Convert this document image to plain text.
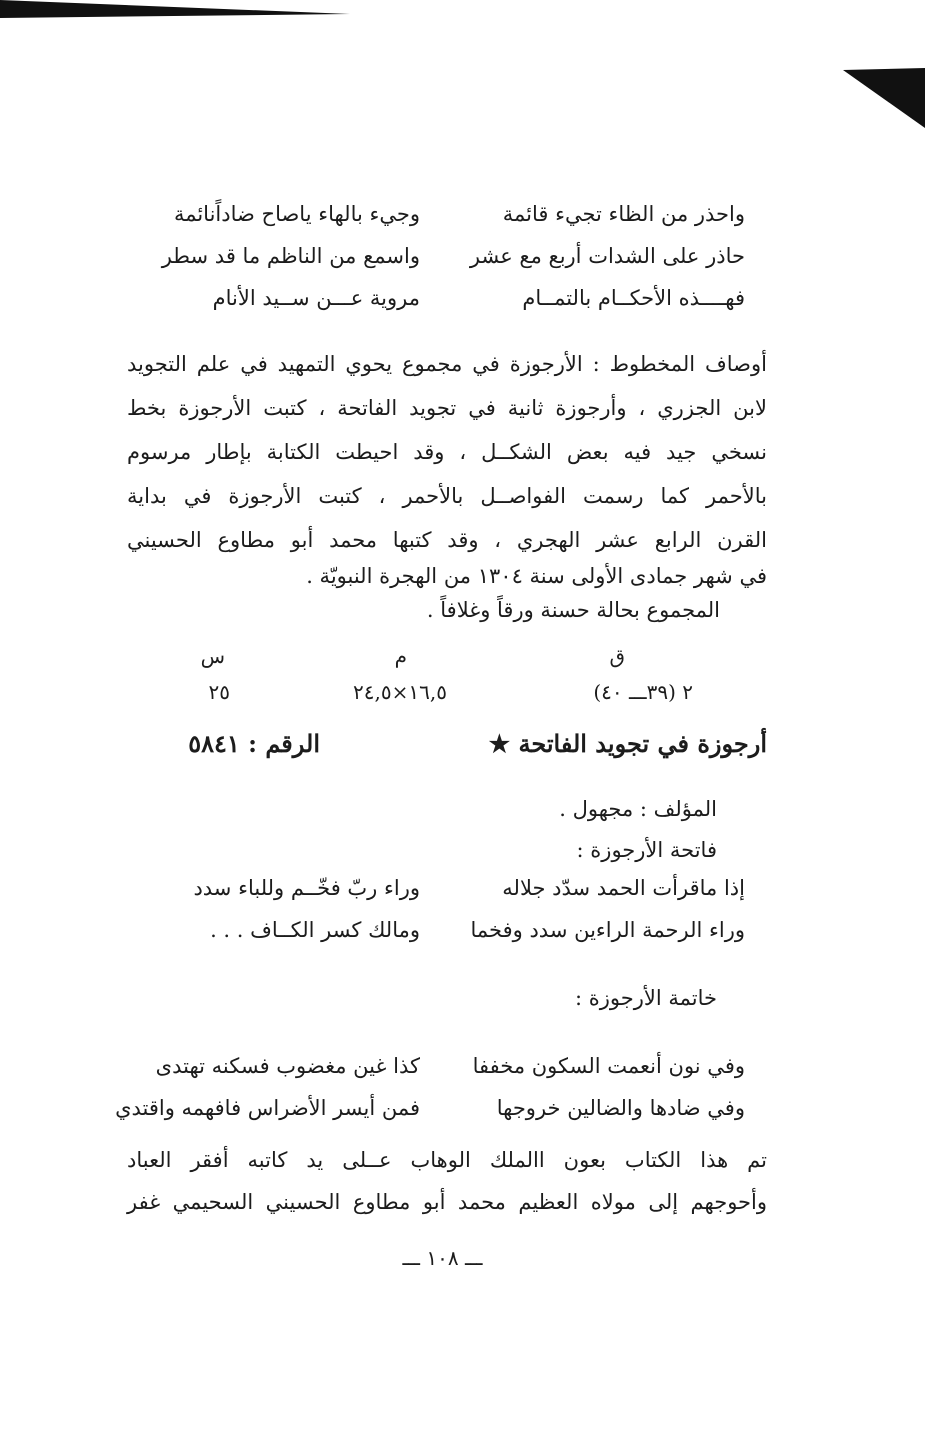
واحذر من الظاء تجيء قائمة
وجيء بالهاء ياصاح ضاداًنائمة
حاذر على الشدات أربع مع عشر
واسمع من الناظم ما قد سطر
فهــــذه الأحكــام بالتمــام
مروية عـــن ســيد الأنام
أوصاف المخطوط : الأرجوزة في مجموع يحوي التمهيد في علم التجويد
لابن الجزري ، وأرجوزة ثانية في تجويد الفاتحة ، كتبت الأرجوزة بخط
نسخي جيد فيه بعض الشكــل ، وقد احيطت الكتابة بإطار مرسوم
بالأحمر كما رسمت الفواصــل بالأحمر ، كتبت الأرجوزة في بداية
القرن الرابع عشر الهجري ، وقد كتبها محمد أبو مطاوع الحسيني
في شهر جمادى الأولى سنة ١٣٠٤ من الهجرة النبويّة .
المجموع بحالة حسنة ورقاً وغلافاً .
ق
م
س
٢ (٣٩ـــ ٤٠)
١٦,٥×٢٤,٥
٢٥
أرجوزة في تجويد الفاتحة ★
الرقم : ٥٨٤١
المؤلف : مجهول .
فاتحة الأرجوزة :
إذا ماقرأت الحمد سدّد جلاله
وراء ربّ فخّــم وللباء سدد
وراء الرحمة الراءين سدد وفخما
ومالك كسر الكــاف . . .
خاتمة الأرجوزة :
وفي نون أنعمت السكون مخففا
كذا غين مغضوب فسكنه تهتدى
وفي ضادها والضالين خروجها
فمن أيسر الأضراس فافهمه واقتدي
تم هذا الكتاب بعون االملك الوهاب عــلى يد كاتبه أفقر العباد
وأحوجهم إلى مولاه العظيم محمد أبو مطاوع الحسيني السحيمي غفر
ـــ ١٠٨ ـــ
